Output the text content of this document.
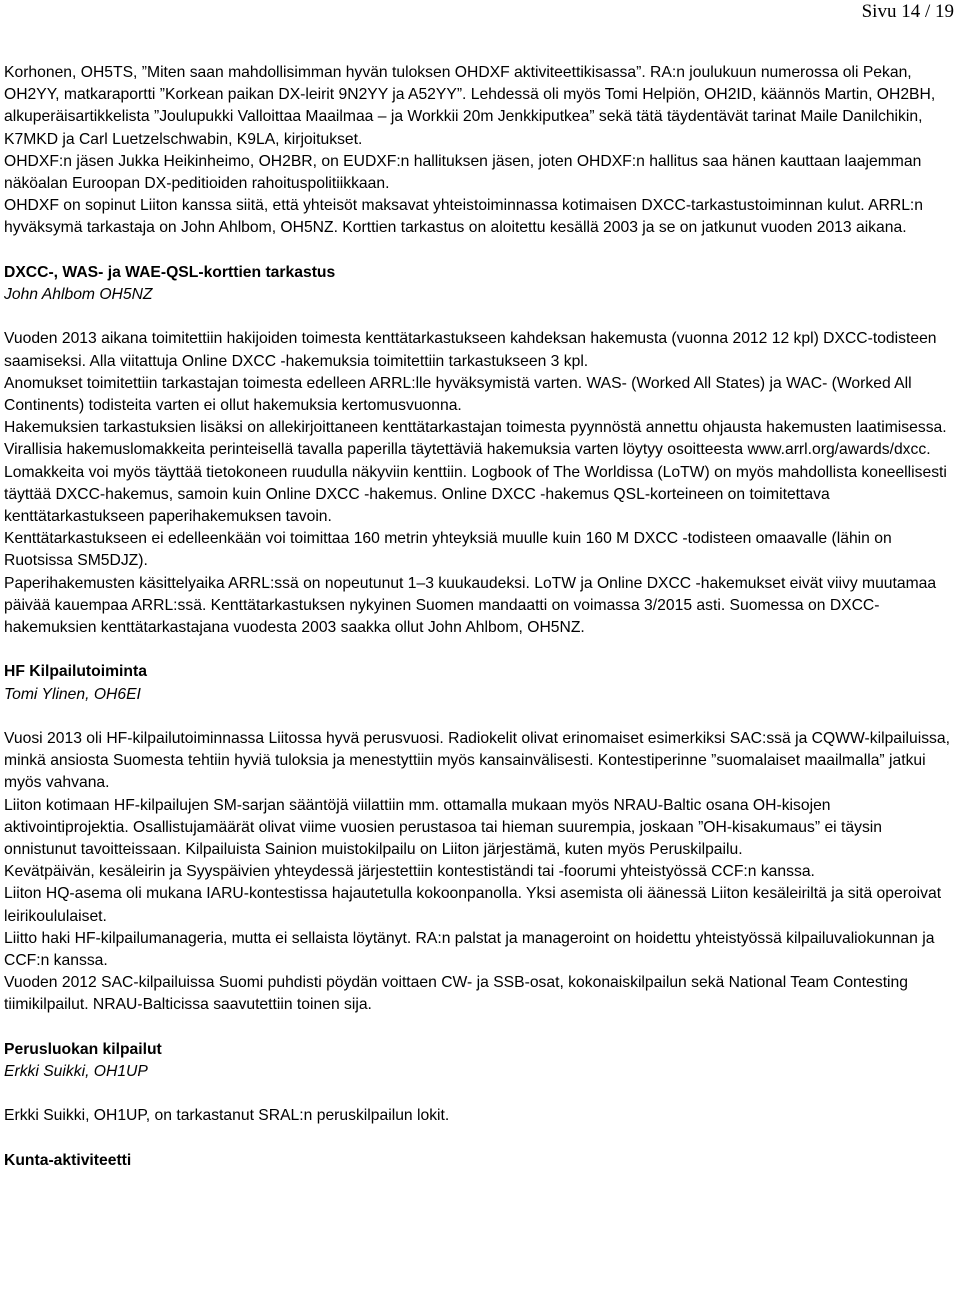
Sivu 14 / 19

Korhonen, OH5TS, ”Miten saan mahdollisimman hyvän tuloksen OHDXF aktiviteettikisassa”. RA:n joulukuun numerossa oli Pekan, OH2YY, matkaraportti ”Korkean paikan DX-leirit 9N2YY ja A52YY”. Lehdessä oli myös Tomi Helpiön, OH2ID, käännös Martin, OH2BH, alkuperäisartikkelista ”Joulupukki Valloittaa Maailmaa – ja Workkii 20m Jenkkiputkea” sekä tätä täydentävät tarinat Maile Danilchikin, K7MKD ja Carl Luetzelschwabin, K9LA, kirjoitukset.

OHDXF:n jäsen Jukka Heikinheimo, OH2BR, on EUDXF:n hallituksen jäsen, joten OHDXF:n hallitus saa hänen kauttaan laajemman näköalan Euroopan DX-peditioiden rahoituspolitiikkaan.

OHDXF on sopinut Liiton kanssa siitä, että yhteisöt maksavat yhteistoiminnassa kotimaisen DXCC-tarkastustoiminnan kulut. ARRL:n hyväksymä tarkastaja on John Ahlbom, OH5NZ. Korttien tarkastus on aloitettu kesällä 2003 ja se on jatkunut vuoden 2013 aikana.

DXCC-, WAS- ja WAE-QSL-korttien tarkastus

John Ahlbom OH5NZ

Vuoden 2013 aikana toimitettiin hakijoiden toimesta kenttätarkastukseen kahdeksan hakemusta (vuonna 2012 12 kpl) DXCC-todisteen saamiseksi. Alla viitattuja Online DXCC -hakemuksia toimitettiin tarkastukseen 3 kpl.

Anomukset toimitettiin tarkastajan toimesta edelleen ARRL:lle hyväksymistä varten. WAS- (Worked All States) ja WAC- (Worked All Continents) todisteita varten ei ollut hakemuksia kertomusvuonna.

Hakemuksien tarkastuksien lisäksi on allekirjoittaneen kenttätarkastajan toimesta pyynnöstä annettu ohjausta hakemusten laatimisessa. Virallisia hakemuslomakkeita perinteisellä tavalla paperilla täytettäviä hakemuksia varten löytyy osoitteesta www.arrl.org/awards/dxcc. Lomakkeita voi myös täyttää tietokoneen ruudulla näkyviin kenttiin. Logbook of The Worldissa (LoTW) on myös mahdollista koneellisesti täyttää DXCC-hakemus, samoin kuin Online DXCC -hakemus. Online DXCC -hakemus QSL-korteineen on toimitettava kenttätarkastukseen paperihakemuksen tavoin.

Kenttätarkastukseen ei edelleenkään voi toimittaa 160 metrin yhteyksiä muulle kuin 160 M DXCC -todisteen omaavalle (lähin on Ruotsissa SM5DJZ).

Paperihakemusten käsittelyaika ARRL:ssä on nopeutunut 1–3 kuukaudeksi. LoTW ja Online DXCC -hakemukset eivät viivy muutamaa päivää kauempaa ARRL:ssä. Kenttätarkastuksen nykyinen Suomen mandaatti on voimassa 3/2015 asti. Suomessa on DXCC-hakemuksien kenttätarkastajana vuodesta 2003 saakka ollut John Ahlbom, OH5NZ.

HF Kilpailutoiminta

Tomi Ylinen, OH6EI

Vuosi 2013 oli HF-kilpailutoiminnassa Liitossa hyvä perusvuosi. Radiokelit olivat erinomaiset esimerkiksi SAC:ssä ja CQWW-kilpailuissa, minkä ansiosta Suomesta tehtiin hyviä tuloksia ja menestyttiin myös kansainvälisesti. Kontestiperinne ”suomalaiset maailmalla” jatkui myös vahvana.

Liiton kotimaan HF-kilpailujen SM-sarjan sääntöjä viilattiin mm. ottamalla mukaan myös NRAU-Baltic osana OH-kisojen aktivointiprojektia. Osallistujamäärät olivat viime vuosien perustasoa tai hieman suurempia, joskaan ”OH-kisakumaus” ei täysin onnistunut tavoitteissaan. Kilpailuista Sainion muistokilpailu on Liiton järjestämä, kuten myös Peruskilpailu.

Kevätpäivän, kesäleirin ja Syyspäivien yhteydessä järjestettiin kontestiständi tai -foorumi yhteistyössä CCF:n kanssa.

Liiton HQ-asema oli mukana IARU-kontestissa hajautetulla kokoonpanolla. Yksi asemista oli äänessä Liiton kesäleiriltä ja sitä operoivat leirikoululaiset.

Liitto haki HF-kilpailumanageria, mutta ei sellaista löytänyt. RA:n palstat ja manageroint on hoidettu yhteistyössä kilpailuvaliokunnan ja CCF:n kanssa.

Vuoden 2012 SAC-kilpailuissa Suomi puhdisti pöydän voittaen CW- ja SSB-osat, kokonaiskilpailun sekä National Team Contesting tiimikilpailut. NRAU-Balticissa saavutettiin toinen sija.

Perusluokan kilpailut

Erkki Suikki, OH1UP

Erkki Suikki, OH1UP, on tarkastanut SRAL:n peruskilpailun lokit.

Kunta-aktiviteetti
